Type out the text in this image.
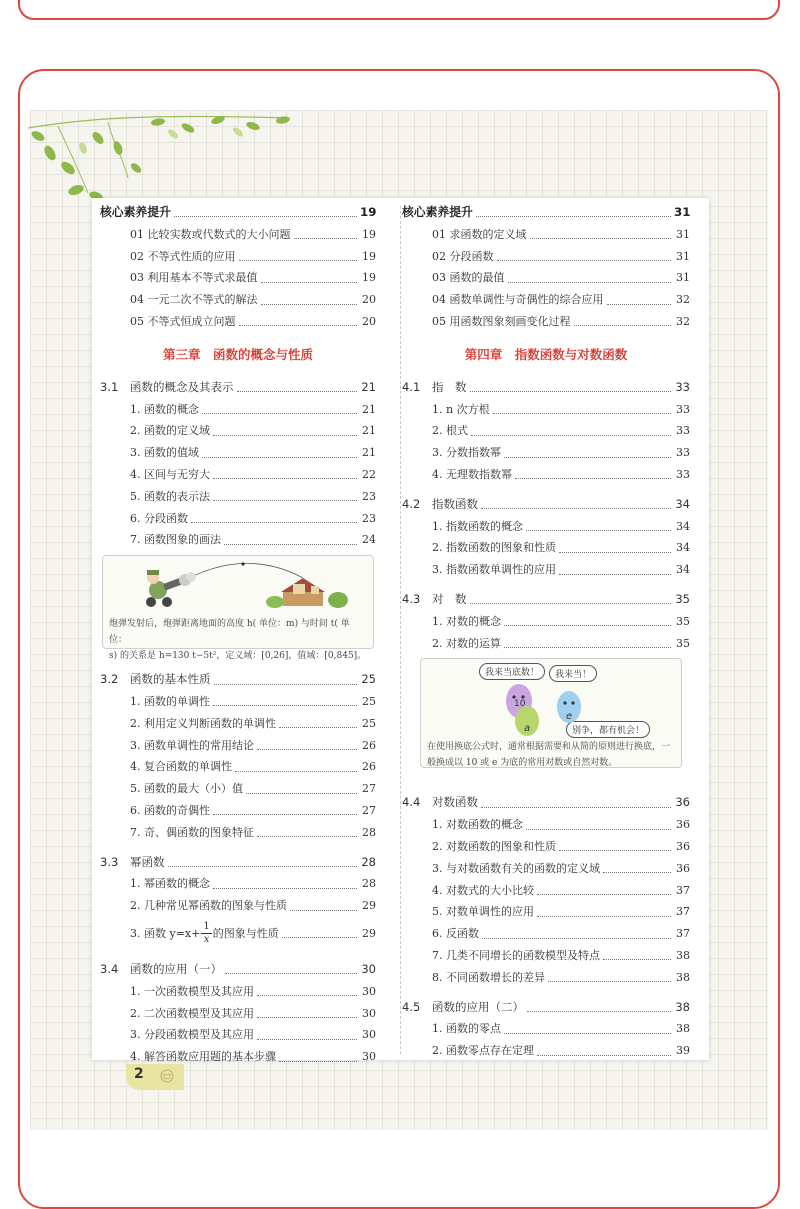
核心素养提升	19
01 比较实数或代数式的大小问题	19
02 不等式性质的应用	19
03 利用基本不等式求最值	19
04 一元二次不等式的解法	20
05 不等式恒成立问题	20
第三章　函数的概念与性质
3.1	函数的概念及其表示	21
1. 函数的概念	21
2. 函数的定义域	21
3. 函数的值域	21
4. 区间与无穷大	22
5. 函数的表示法	23
6. 分段函数	23
7. 函数图象的画法	24
炮弹发射后，炮弹距离地面的高度 h( 单位：m) 与时间 t( 单位：
s) 的关系是 h=130 t−5t²，定义域：[0,26]，值域：[0,845]。
3.2	函数的基本性质	25
1. 函数的单调性	25
2. 利用定义判断函数的单调性	25
3. 函数单调性的常用结论	26
4. 复合函数的单调性	26
5. 函数的最大（小）值	27
6. 函数的奇偶性	27
7. 奇、偶函数的图象特征	28
3.3	幂函数	28
1. 幂函数的概念	28
2. 几种常见幂函数的图象与性质	29
3. 函数 $y=x+ \frac{1}{x}$ 的图象与性质	29
3.4	函数的应用（一）	30
1. 一次函数模型及其应用	30
2. 二次函数模型及其应用	30
3. 分段函数模型及其应用	30
4. 解答函数应用题的基本步骤	30
核心素养提升	31
01 求函数的定义域	31
02 分段函数	31
03 函数的最值	31
04 函数单调性与奇偶性的综合应用	32
05 用函数图象刻画变化过程	32
第四章　指数函数与对数函数
4.1	指　数	33
1. n 次方根	33
2. 根式	33
3. 分数指数幂	33
4. 无理数指数幂	33
4.2	指数函数	34
1. 指数函数的概念	34
2. 指数函数的图象和性质	34
3. 指数函数单调性的应用	34
4.3	对　数	35
1. 对数的概念	35
2. 对数的运算	35
我来当底数！	我来当！
别争，都有机会！
10
a
e
在使用换底公式时，通常根据需要和从简的原则进行换底，一
般换成以 10 或 e 为底的常用对数或自然对数。
4.4	对数函数	36
1. 对数函数的概念	36
2. 对数函数的图象和性质	36
3. 与对数函数有关的函数的定义域	36
4. 对数式的大小比较	37
5. 对数单调性的应用	37
6. 反函数	37
7. 几类不同增长的函数模型及特点	38
8. 不同函数增长的差异	38
4.5	函数的应用（二）	38
1. 函数的零点	38
2. 函数零点存在定理	39
2
